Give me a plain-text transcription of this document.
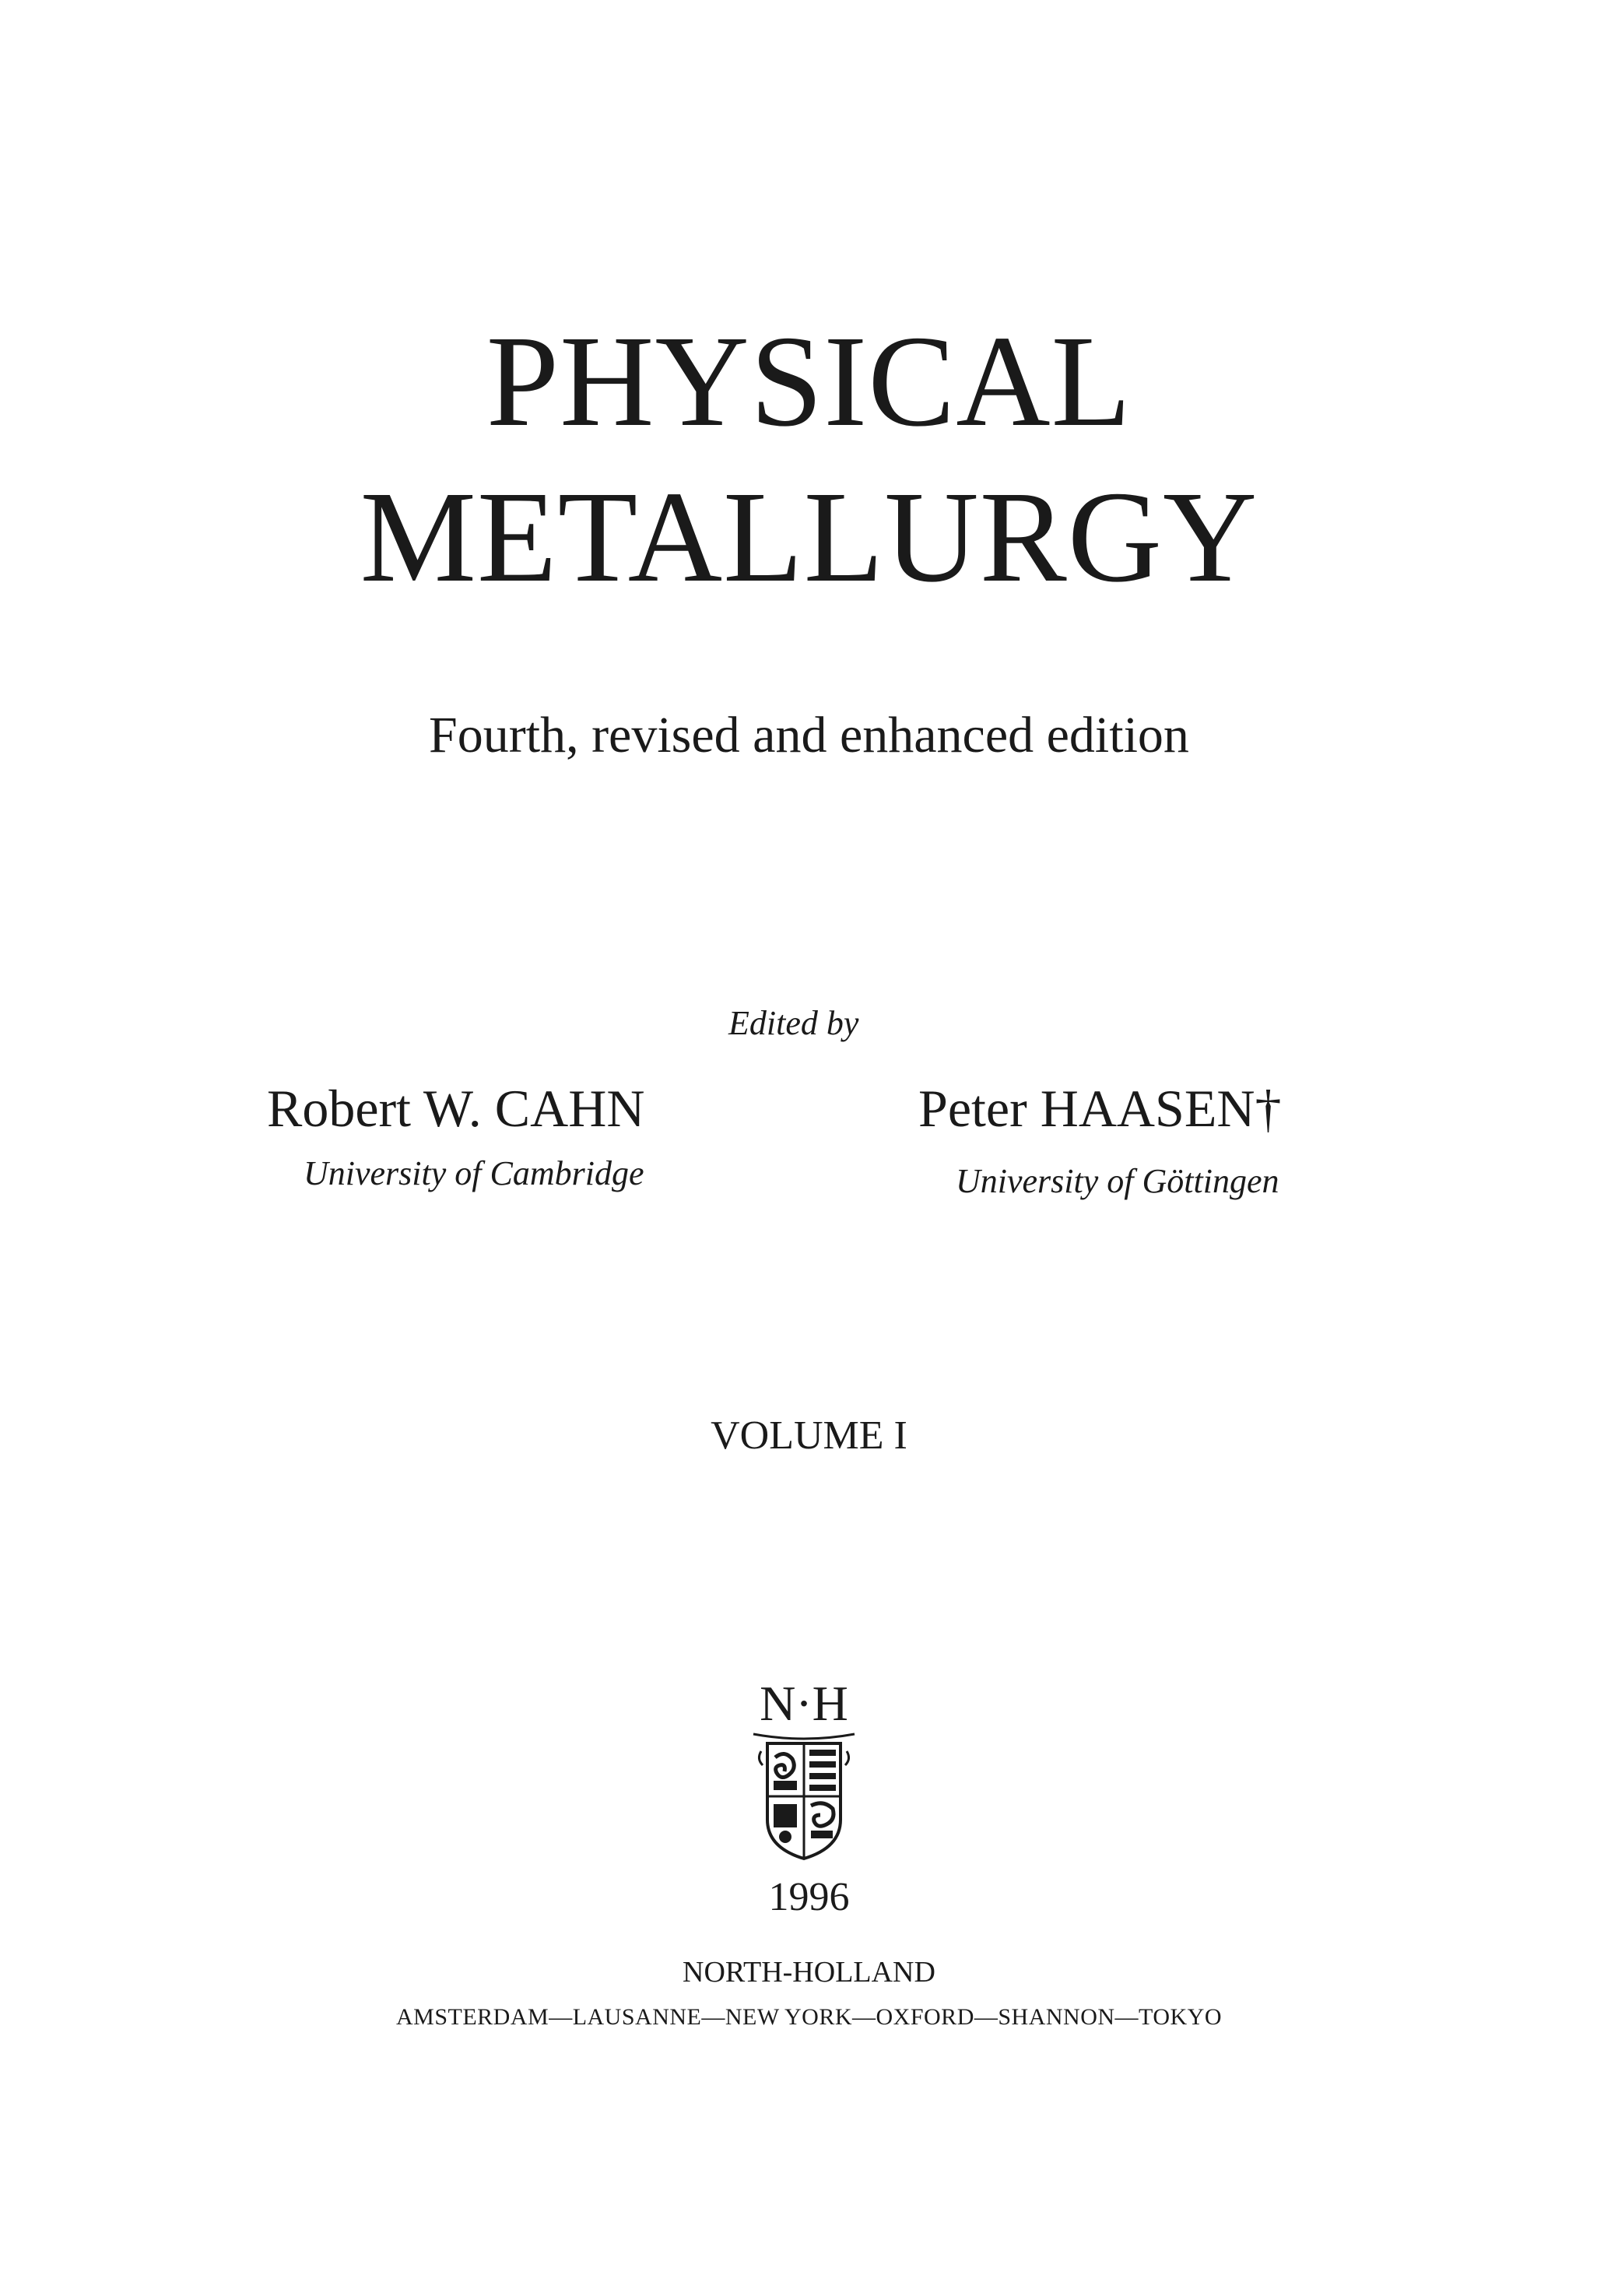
PHYSICAL
METALLURGY
Fourth, revised and enhanced edition
Edited by
Robert W. CAHN
University of Cambridge
Peter HAASEN†
University of Göttingen
VOLUME I
N·H
1996
NORTH-HOLLAND
AMSTERDAM—LAUSANNE—NEW YORK—OXFORD—SHANNON—TOKYO
